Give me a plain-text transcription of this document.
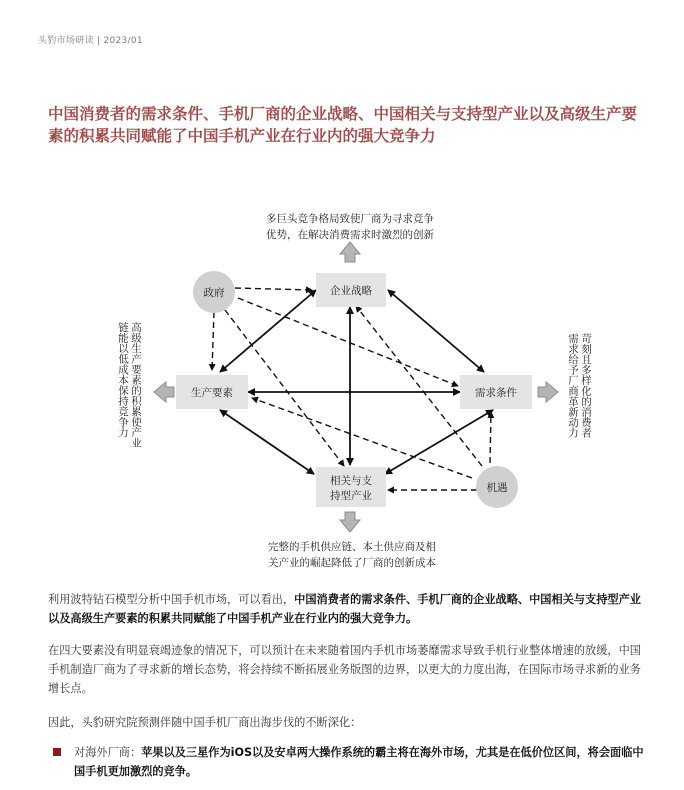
头豹市场研读 | 2023/01
中国消费者的需求条件、手机厂商的企业战略、中国相关与支持型产业以及高级生产要素的积累共同赋能了中国手机产业在行业内的强大竞争力
政府	企业战略
生产要素	需求条件
相关与支
持型产业
机遇
多巨头竞争格局致使厂商为寻求竞争
优势，在解决消费需求时激烈的创新
完整的手机供应链、本土供应商及相
关产业的崛起降低了厂商的创新成本
高级生产要素的积累使产业
链能以低成本保持竞争力	苛刻且多样化的消费者
需求给予厂商革新动力
利用波特钻石模型分析中国手机市场，可以看出，中国消费者的需求条件、手机厂商的企业战略、中国相关与支持型产业以及高级生产要素的积累共同赋能了中国手机产业在行业内的强大竞争力。
在四大要素没有明显衰竭迹象的情况下，可以预计在未来随着国内手机市场萎靡需求导致手机行业整体增速的放缓，中国手机制造厂商为了寻求新的增长态势，将会持续不断拓展业务版图的边界，以更大的力度出海，在国际市场寻求新的业务增长点。
因此，头豹研究院预测伴随中国手机厂商出海步伐的不断深化：
对海外厂商：苹果以及三星作为iOS以及安卓两大操作系统的霸主将在海外市场，尤其是在低价位区间，将会面临中国手机更加激烈的竞争。
